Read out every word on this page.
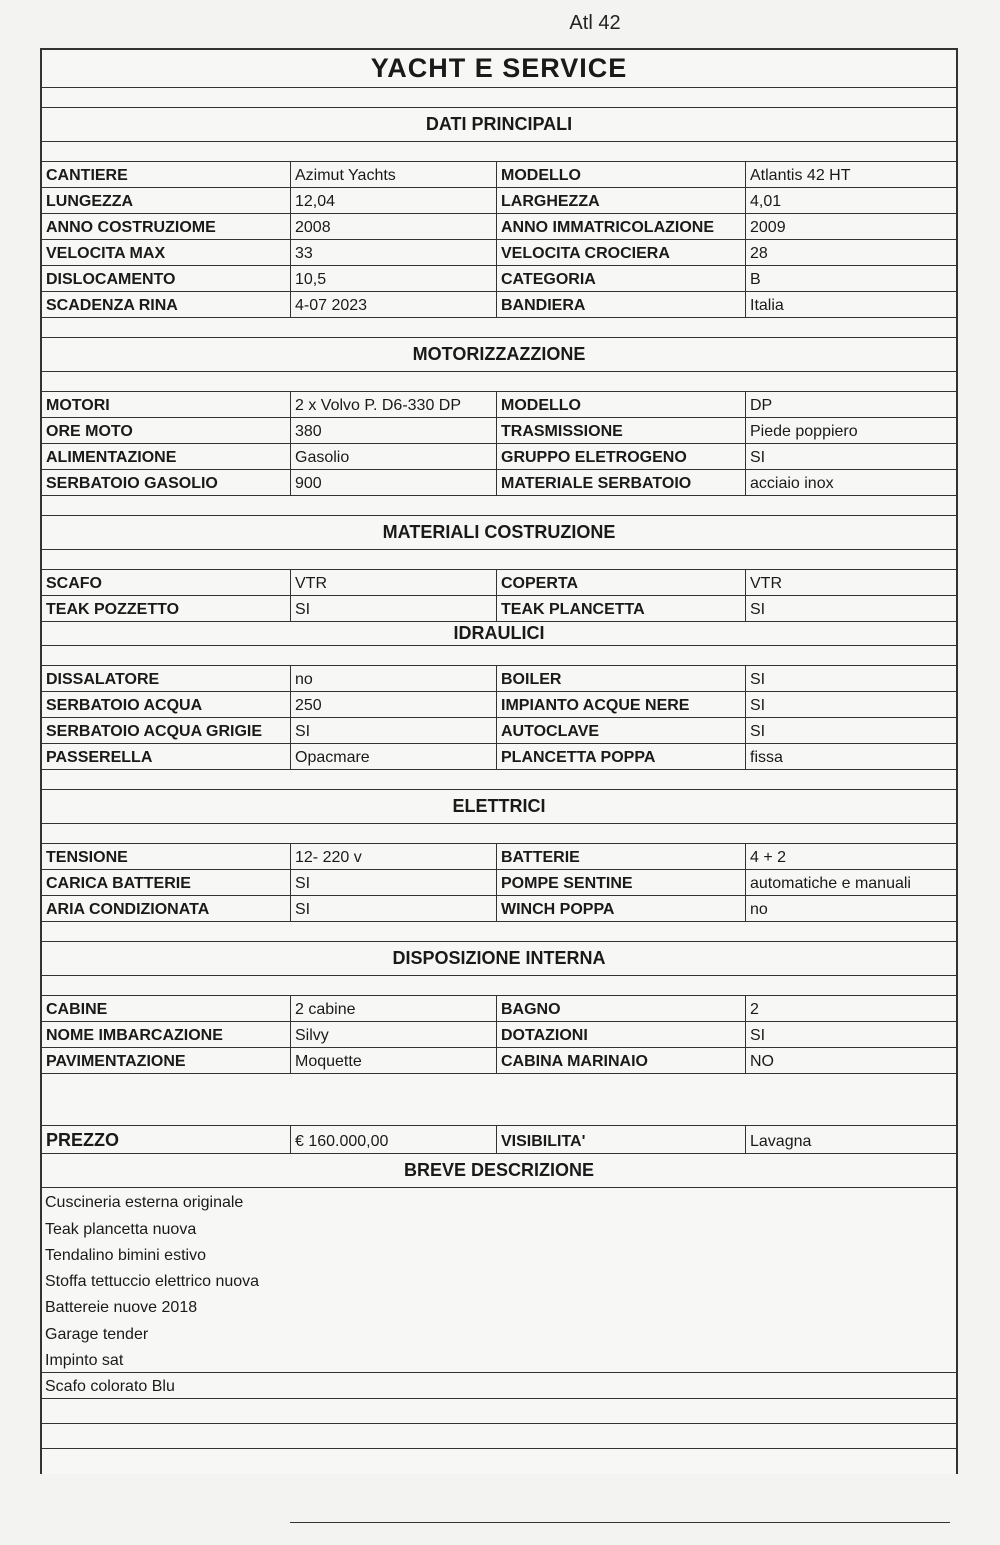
Atl 42
YACHT E SERVICE
DATI PRINCIPALI
CANTIERE	Azimut Yachts	MODELLO	Atlantis 42 HT
LUNGEZZA	12,04	LARGHEZZA	4,01
ANNO COSTRUZIOME	2008	ANNO IMMATRICOLAZIONE	2009
VELOCITA MAX	33	VELOCITA CROCIERA	28
DISLOCAMENTO	10,5	CATEGORIA	B
SCADENZA RINA	4-07 2023	BANDIERA	Italia
MOTORIZZAZZIONE
MOTORI	2 x Volvo P. D6-330 DP	MODELLO	DP
ORE MOTO	380	TRASMISSIONE	Piede poppiero
ALIMENTAZIONE	Gasolio	GRUPPO ELETROGENO	SI
SERBATOIO GASOLIO	900	MATERIALE SERBATOIO	acciaio inox
MATERIALI COSTRUZIONE
SCAFO	VTR	COPERTA	VTR
TEAK POZZETTO	SI	TEAK PLANCETTA	SI
IDRAULICI
DISSALATORE	no	BOILER	SI
SERBATOIO ACQUA	250	IMPIANTO ACQUE NERE	SI
SERBATOIO ACQUA GRIGIE	SI	AUTOCLAVE	SI
PASSERELLA	Opacmare	PLANCETTA POPPA	fissa
ELETTRICI
TENSIONE	12- 220 v	BATTERIE	4 + 2
CARICA BATTERIE	SI	POMPE SENTINE	automatiche e manuali
ARIA CONDIZIONATA	SI	WINCH POPPA	no
DISPOSIZIONE INTERNA
CABINE	2 cabine	BAGNO	2
NOME IMBARCAZIONE	Silvy	DOTAZIONI	SI
PAVIMENTAZIONE	Moquette	CABINA MARINAIO	NO
PREZZO	€ 160.000,00	VISIBILITA'	Lavagna
BREVE DESCRIZIONE
Cuscineria esterna originale
Teak plancetta nuova
Tendalino bimini estivo
Stoffa tettuccio elettrico nuova
Battereie nuove 2018
Garage tender
Impinto sat
Scafo colorato Blu
